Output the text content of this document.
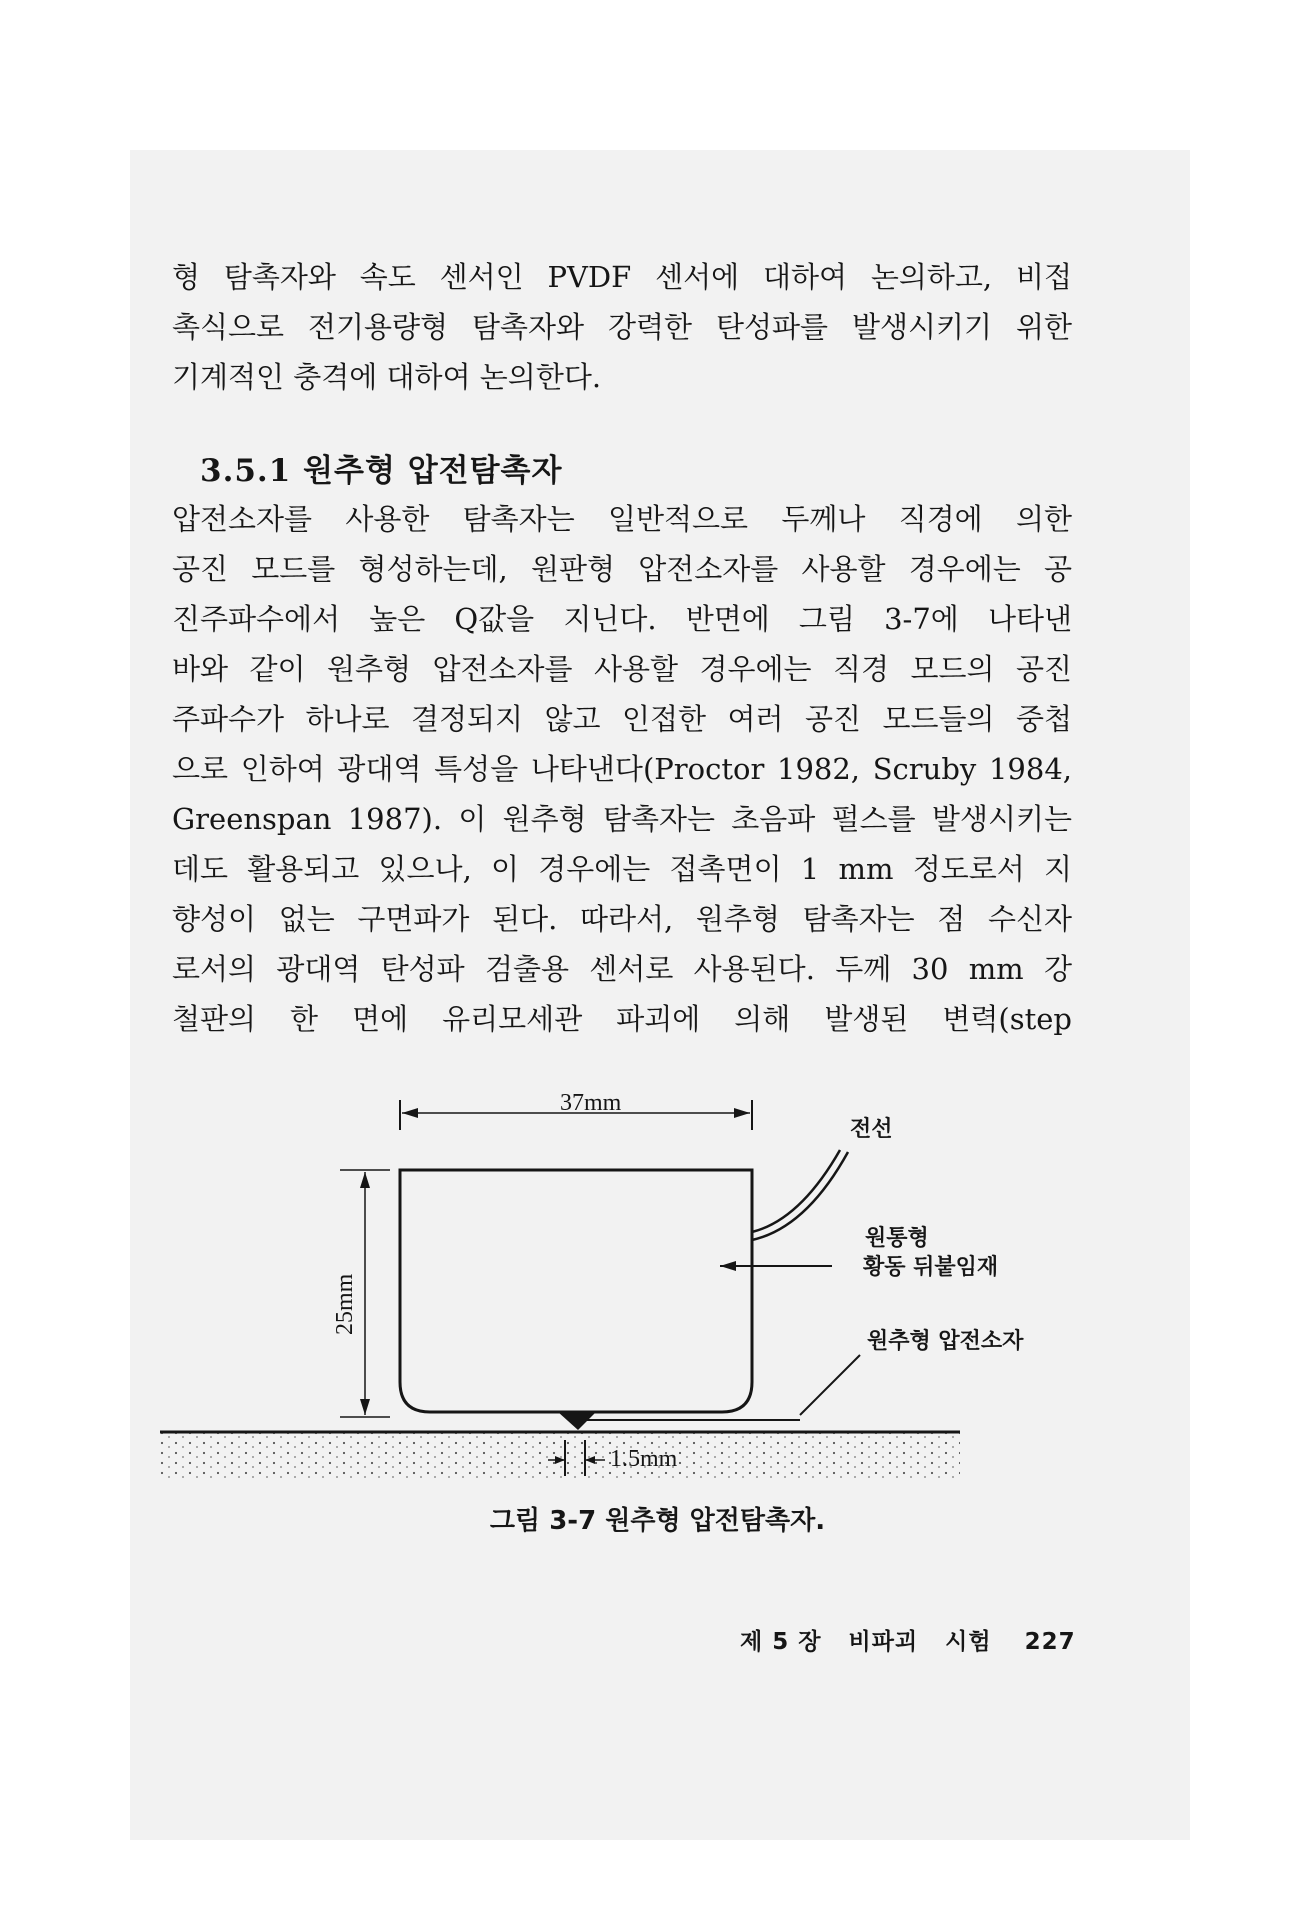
형 탐촉자와 속도 센서인 PVDF 센서에 대하여 논의하고, 비접
촉식으로 전기용량형 탐촉자와 강력한 탄성파를 발생시키기 위한
기계적인 충격에 대하여 논의한다.
3.5.1 원추형 압전탐촉자
압전소자를 사용한 탐촉자는 일반적으로 두께나 직경에 의한
공진 모드를 형성하는데, 원판형 압전소자를 사용할 경우에는 공
진주파수에서 높은 Q값을 지닌다. 반면에 그림 3-7에 나타낸
바와 같이 원추형 압전소자를 사용할 경우에는 직경 모드의 공진
주파수가 하나로 결정되지 않고 인접한 여러 공진 모드들의 중첩
으로 인하여 광대역 특성을 나타낸다(Proctor 1982, Scruby 1984,
Greenspan 1987). 이 원추형 탐촉자는 초음파 펄스를 발생시키는
데도 활용되고 있으나, 이 경우에는 접촉면이 1 mm 정도로서 지
향성이 없는 구면파가 된다. 따라서, 원추형 탐촉자는 점 수신자
로서의 광대역 탄성파 검출용 센서로 사용된다. 두께 30 mm 강
철판의 한 면에 유리모세관 파괴에 의해 발생된 변력(step
37mm
25mm
전선
원통형
황동 뒤붙임재
원추형 압전소자
1.5mm
그림 3-7 원추형 압전탐촉자.
제 5 장 비파괴 시험 227
